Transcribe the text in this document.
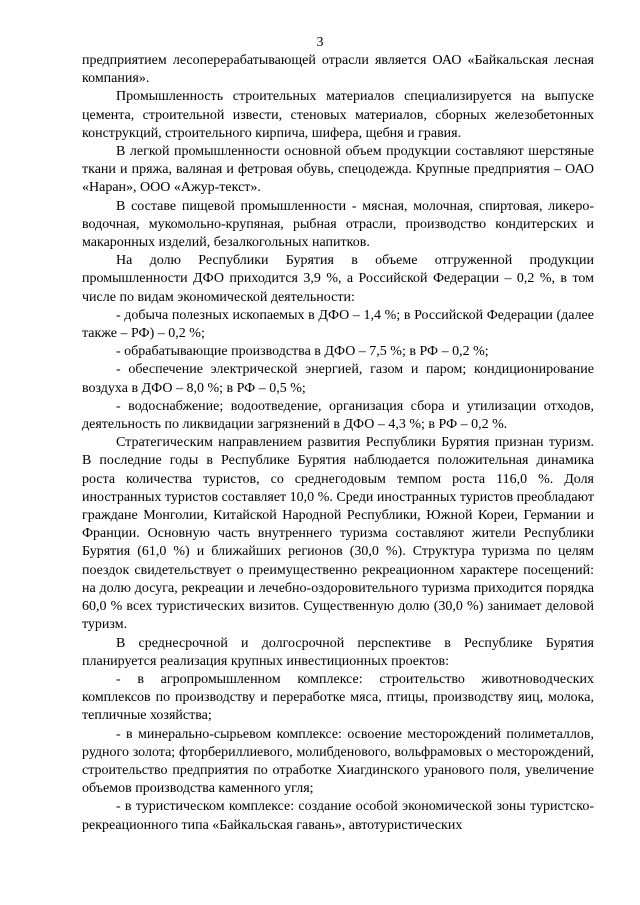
3

предприятием лесоперерабатывающей отрасли является ОАО «Байкальская лесная компания».

Промышленность строительных материалов специализируется на выпуске цемента, строительной извести, стеновых материалов, сборных железобетонных конструкций, строительного кирпича, шифера, щебня и гравия.

В легкой промышленности основной объем продукции составляют шерстяные ткани и пряжа, валяная и фетровая обувь, спецодежда. Крупные предприятия – ОАО «Наран», ООО «Ажур-текст».

В составе пищевой промышленности - мясная, молочная, спиртовая, ликеро-водочная, мукомольно-крупяная, рыбная отрасли, производство кондитерских и макаронных изделий, безалкогольных напитков.

На долю Республики Бурятия в объеме отгруженной продукции промышленности ДФО приходится 3,9 %, а Российской Федерации – 0,2 %, в том числе по видам экономической деятельности:

- добыча полезных ископаемых в ДФО – 1,4 %; в Российской Федерации (далее также – РФ) – 0,2 %;

- обрабатывающие производства в ДФО – 7,5 %; в РФ – 0,2 %;

- обеспечение электрической энергией, газом и паром; кондиционирование воздуха в ДФО – 8,0 %; в РФ – 0,5 %;

- водоснабжение; водоотведение, организация сбора и утилизации отходов, деятельность по ликвидации загрязнений в ДФО – 4,3 %; в РФ – 0,2 %.

Стратегическим направлением развития Республики Бурятия признан туризм. В последние годы в Республике Бурятия наблюдается положительная динамика роста количества туристов, со среднегодовым темпом роста 116,0 %. Доля иностранных туристов составляет 10,0 %. Среди иностранных туристов преобладают граждане Монголии, Китайской Народной Республики, Южной Кореи, Германии и Франции. Основную часть внутреннего туризма составляют жители Республики Бурятия (61,0 %) и ближайших регионов (30,0 %). Структура туризма по целям поездок свидетельствует о преимущественно рекреационном характере посещений: на долю досуга, рекреации и лечебно-оздоровительного туризма приходится порядка 60,0 % всех туристических визитов. Существенную долю (30,0 %) занимает деловой туризм.

В среднесрочной и долгосрочной перспективе в Республике Бурятия планируется реализация крупных инвестиционных проектов:

- в агропромышленном комплексе: строительство животноводческих комплексов по производству и переработке мяса, птицы, производству яиц, молока, тепличные хозяйства;

- в минерально-сырьевом комплексе: освоение месторождений полиметаллов, рудного золота; фторбериллиевого, молибденового, вольфрамовых о месторождений, строительство предприятия по отработке Хиагдинского уранового поля, увеличение объемов производства каменного угля;

- в туристическом комплексе: создание особой экономической зоны туристско-рекреационного типа «Байкальская гавань», автотуристических
